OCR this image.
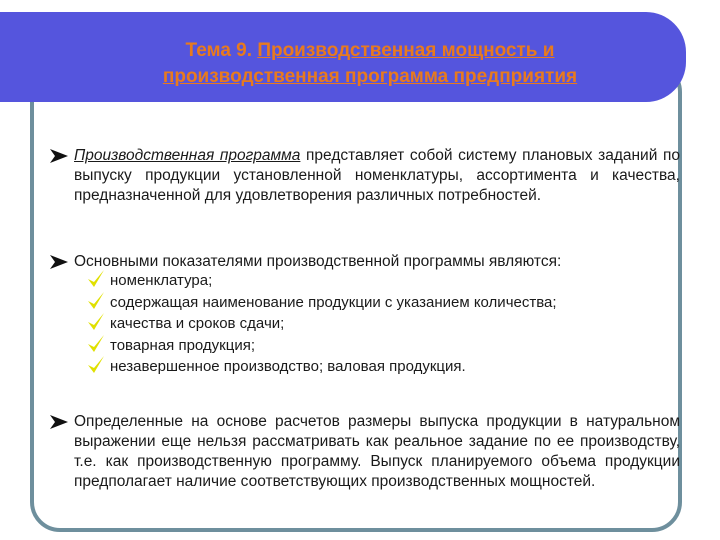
Тема 9. Производственная мощность и
производственная программа предприятия
Производственная программа представляет собой систему плановых заданий по выпуску продукции установленной номенклатуры, ассортимента и качества, предназначенной для удовлетворения различных потребностей.
Основными показателями производственной программы являются:
номенклатура;
содержащая наименование продукции с указанием количества;
качества и сроков сдачи;
товарная продукция;
незавершенное производство; валовая продукция.
Определенные на основе расчетов размеры выпуска продукции в натуральном выражении еще нельзя рассматривать как реальное задание по ее производству, т.е. как производственную программу. Выпуск планируемого объема продукции предполагает наличие соответствующих производственных мощностей.
